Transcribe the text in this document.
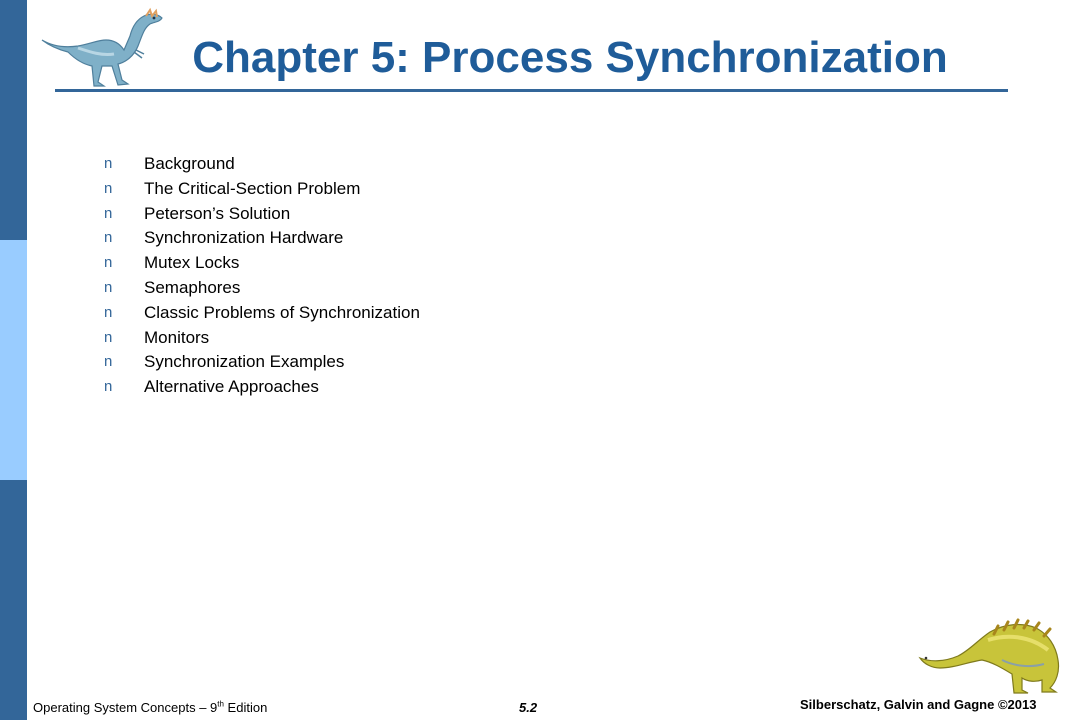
Chapter 5: Process Synchronization
n	Background
n	The Critical-Section Problem
n	Peterson’s Solution
n	Synchronization Hardware
n	Mutex Locks
n	Semaphores
n	Classic Problems of Synchronization
n	Monitors
n	Synchronization Examples
n	Alternative Approaches
Operating System Concepts – 9th Edition	5.2	Silberschatz, Galvin and Gagne ©2013
